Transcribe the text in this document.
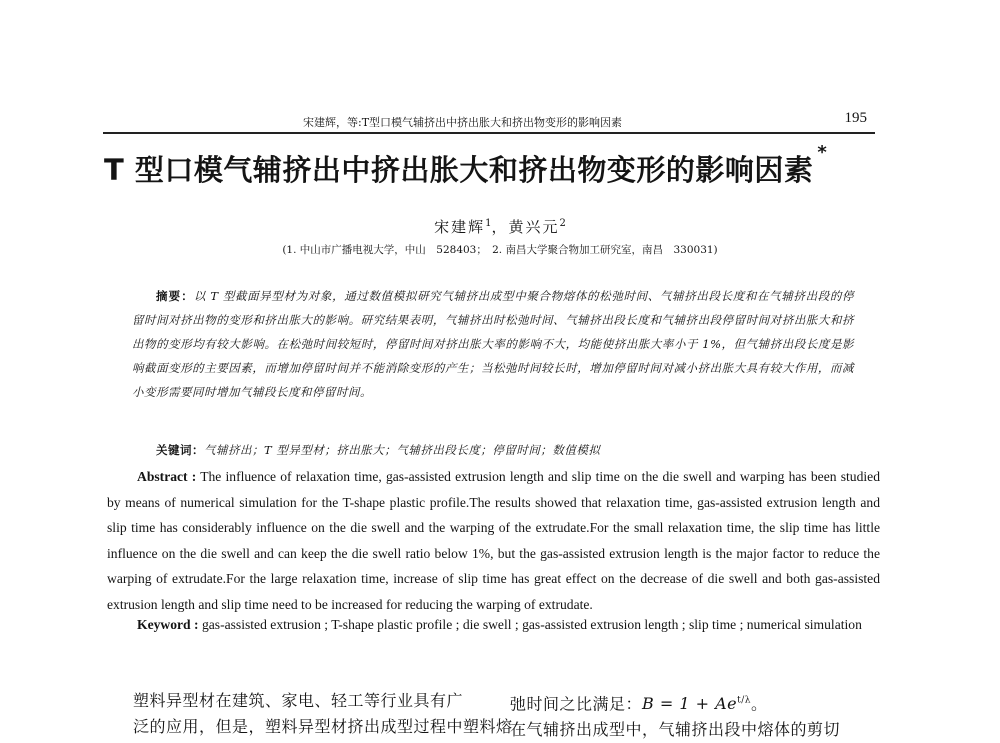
宋建辉，等:T型口模气辅挤出中挤出胀大和挤出物变形的影响因素	195
T 型口模气辅挤出中挤出胀大和挤出物变形的影响因素*
宋建辉$^1$，黄兴元$^2$
(1. 中山市广播电视大学，中山　528403；　2. 南昌大学聚合物加工研究室，南昌　330031)
摘要：以 T 型截面异型材为对象，通过数值模拟研究气辅挤出成型中聚合物熔体的松弛时间、气辅挤出段长度和在气辅挤出段的停留时间对挤出物的变形和挤出胀大的影响。研究结果表明，气辅挤出时松弛时间、气辅挤出段长度和气辅挤出段停留时间对挤出胀大和挤出物的变形均有较大影响。在松弛时间较短时，停留时间对挤出胀大率的影响不大，均能使挤出胀大率小于 1%，但气辅挤出段长度是影响截面变形的主要因素，而增加停留时间并不能消除变形的产生；当松弛时间较长时，增加停留时间对减小挤出胀大具有较大作用，而减小变形需要同时增加气辅段长度和停留时间。
关键词：气辅挤出；T 型异型材；挤出胀大；气辅挤出段长度；停留时间；数值模拟
Abstract : The influence of relaxation time, gas-assisted extrusion length and slip time on the die swell and warping has been studied by means of numerical simulation for the T-shape plastic profile.The results showed that relaxation time, gas-assisted extrusion length and slip time has considerably influence on the die swell and the warping of the extrudate.For the small relaxation time, the slip time has little influence on the die swell and can keep the die swell ratio below 1%, but the gas-assisted extrusion length is the major factor to reduce the warping of extrudate.For the large relaxation time, increase of slip time has great effect on the decrease of die swell and both gas-assisted extrusion length and slip time need to be increased for reducing the warping of extrudate.
Keyword : gas-assisted extrusion ; T-shape plastic profile ; die swell ; gas-assisted extrusion length ; slip time ; numerical simulation
塑料异型材在建筑、家电、轻工等行业具有广
泛的应用，但是，塑料异型材挤出成型过程中塑料熔
弛时间之比满足：$B = 1 + Ae^{t/\lambda}$。
在气辅挤出成型中，气辅挤出段中熔体的剪切
